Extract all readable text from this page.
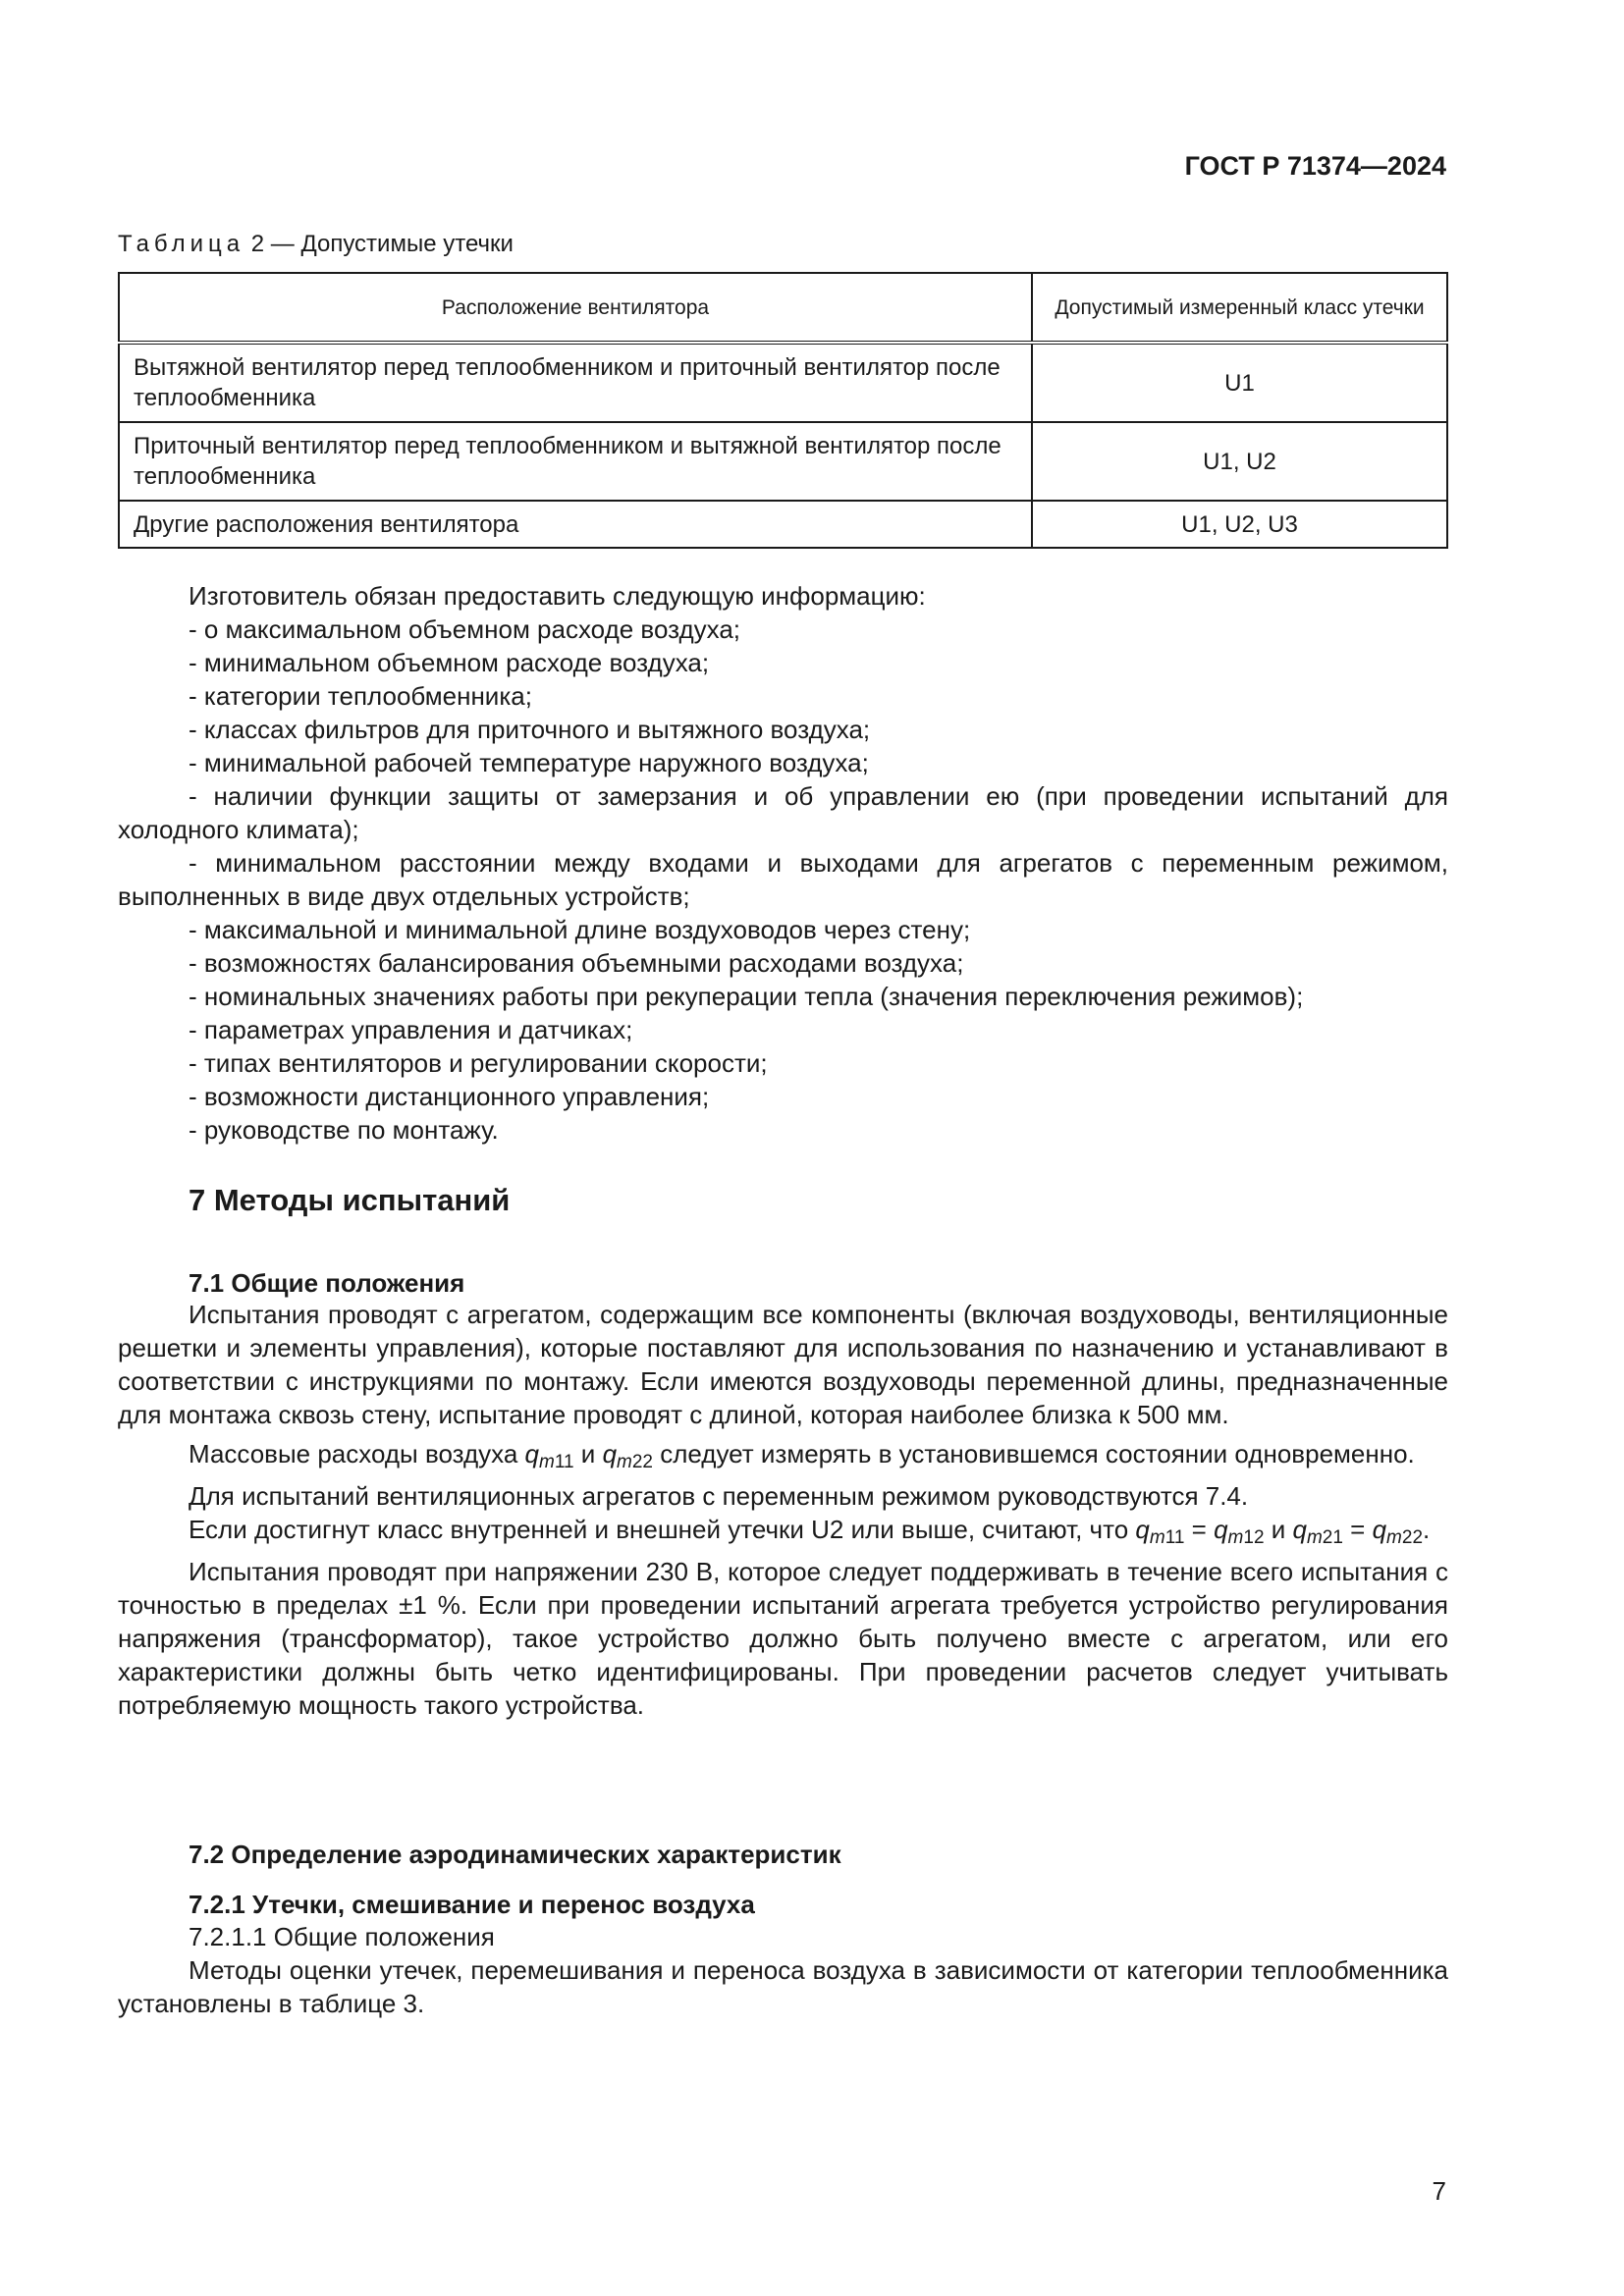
ГОСТ Р 71374—2024
Таблица 2 — Допустимые утечки
Расположение вентилятора	Допустимый измеренный класс утечки
Вытяжной вентилятор перед теплообменником и приточный вентилятор после теплообменника	U1
Приточный вентилятор перед теплообменником и вытяжной вентилятор после теплообменника	U1, U2
Другие расположения вентилятора	U1, U2, U3

Изготовитель обязан предоставить следующую информацию:

- о максимальном объемном расходе воздуха;

- минимальном объемном расходе воздуха;

- категории теплообменника;

- классах фильтров для приточного и вытяжного воздуха;

- минимальной рабочей температуре наружного воздуха;

- наличии функции защиты от замерзания и об управлении ею (при проведении испытаний для холодного климата);

- минимальном расстоянии между входами и выходами для агрегатов с переменным режимом, выполненных в виде двух отдельных устройств;

- максимальной и минимальной длине воздуховодов через стену;

- возможностях балансирования объемными расходами воздуха;

- номинальных значениях работы при рекуперации тепла (значения переключения режимов);

- параметрах управления и датчиках;

- типах вентиляторов и регулировании скорости;

- возможности дистанционного управления;

- руководстве по монтажу.

7 Методы испытаний
7.1 Общие положения

Испытания проводят с агрегатом, содержащим все компоненты (включая воздуховоды, вентиляционные решетки и элементы управления), которые поставляют для использования по назначению и устанавливают в соответствии с инструкциями по монтажу. Если имеются воздуховоды переменной длины, предназначенные для монтажа сквозь стену, испытание проводят с длиной, которая наиболее близка к 500 мм.

Массовые расходы воздуха $q_{m11}$ и $q_{m22}$ следует измерять в установившемся состоянии одновременно.

Для испытаний вентиляционных агрегатов с переменным режимом руководствуются 7.4.

Если достигнут класс внутренней и внешней утечки U2 или выше, считают, что $q_{m11} = q_{m12}$ и $q_{m21} = q_{m22}$.

Испытания проводят при напряжении 230 В, которое следует поддерживать в течение всего испытания с точностью в пределах ±1 %. Если при проведении испытаний агрегата требуется устройство регулирования напряжения (трансформатор), такое устройство должно быть получено вместе с агрегатом, или его характеристики должны быть четко идентифицированы. При проведении расчетов следует учитывать потребляемую мощность такого устройства.

7.2 Определение аэродинамических характеристик
7.2.1 Утечки, смешивание и перенос воздуха

7.2.1.1 Общие положения

Методы оценки утечек, перемешивания и переноса воздуха в зависимости от категории теплообменника установлены в таблице 3.

7
